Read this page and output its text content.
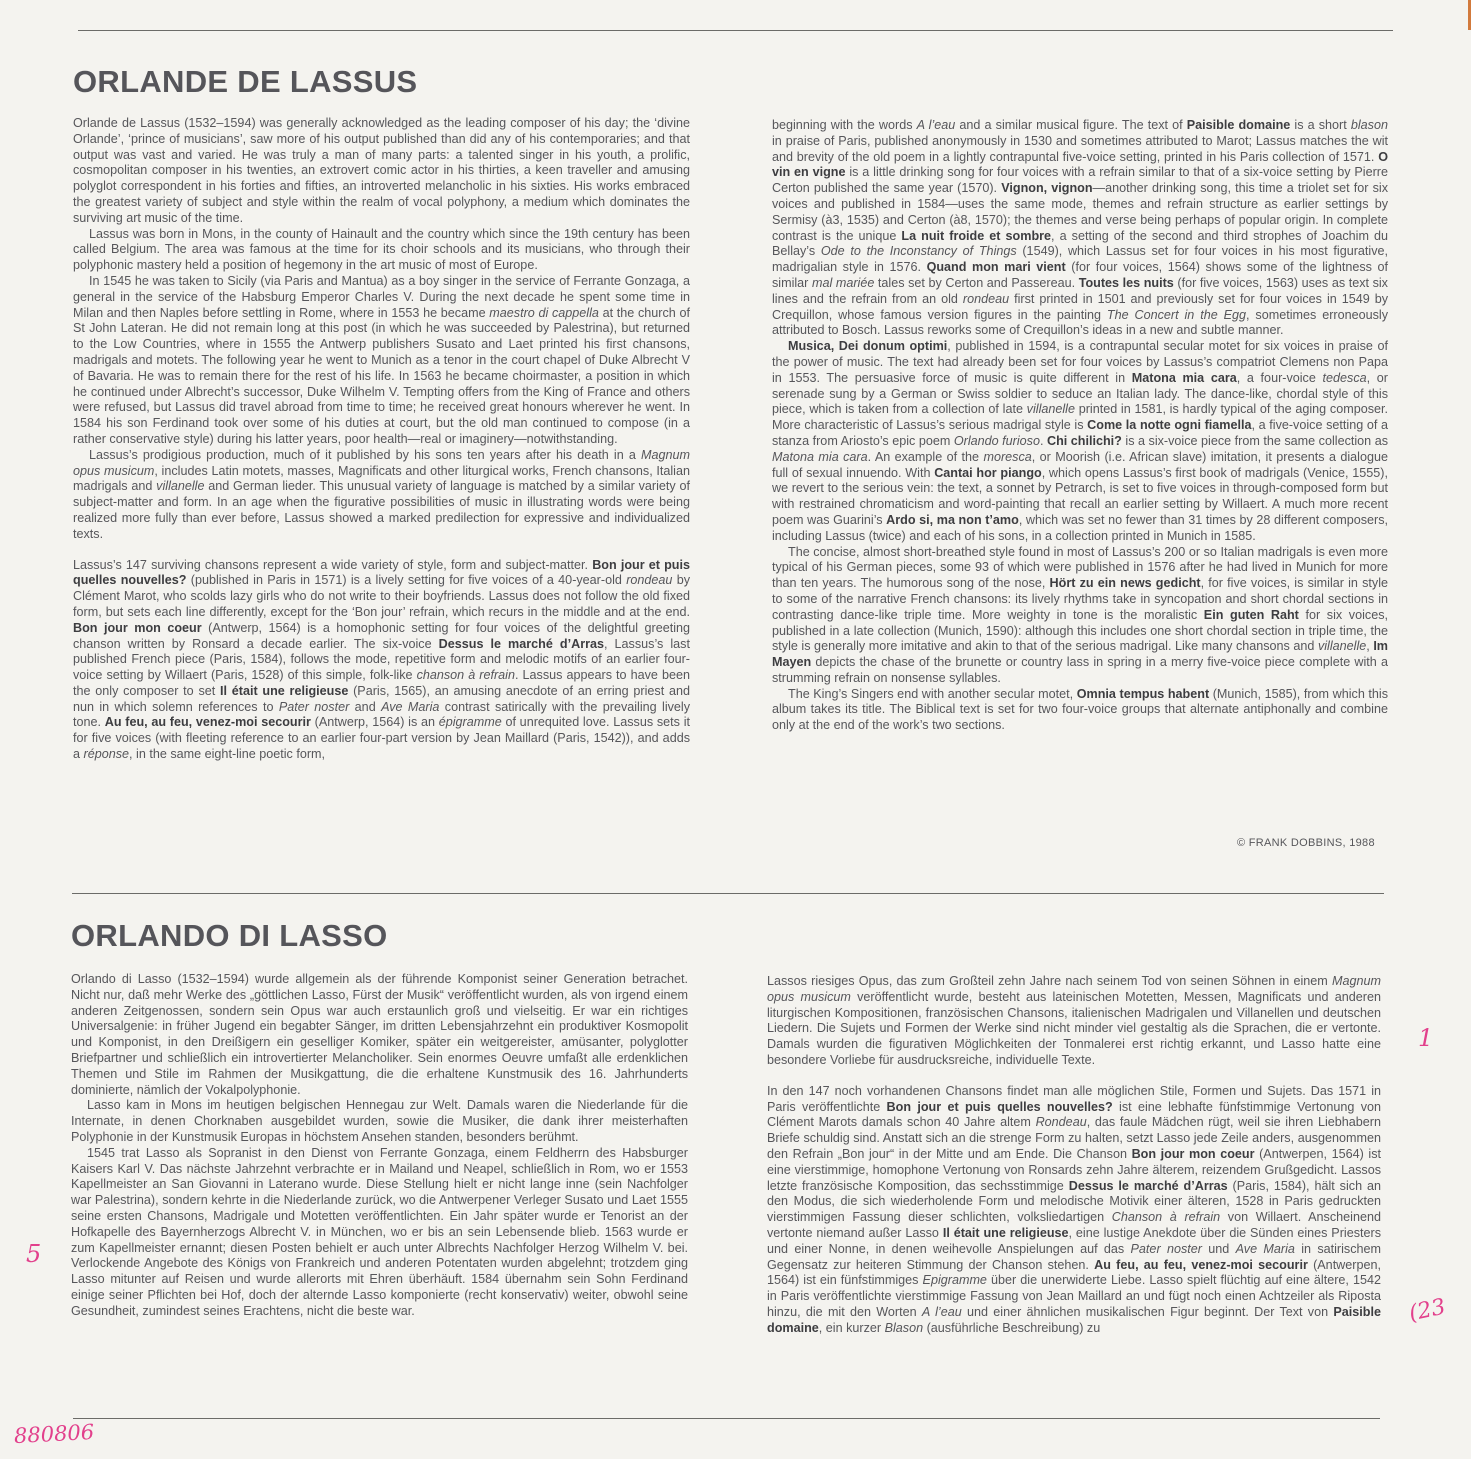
ORLANDE DE LASSUS

Orlande de Lassus (1532–1594) was generally acknowledged as the leading composer of his day; the ‘divine Orlande’, ‘prince of musicians’, saw more of his output published than did any of his contemporaries; and that output was vast and varied. He was truly a man of many parts: a talented singer in his youth, a prolific, cosmopolitan composer in his twenties, an extrovert comic actor in his thirties, a keen traveller and amusing polyglot correspondent in his forties and fifties, an introverted melancholic in his sixties. His works embraced the greatest variety of subject and style within the realm of vocal polyphony, a medium which dominates the surviving art music of the time.

Lassus was born in Mons, in the county of Hainault and the country which since the 19th century has been called Belgium. The area was famous at the time for its choir schools and its musicians, who through their polyphonic mastery held a position of hegemony in the art music of most of Europe.

In 1545 he was taken to Sicily (via Paris and Mantua) as a boy singer in the service of Ferrante Gonzaga, a general in the service of the Habsburg Emperor Charles V. During the next decade he spent some time in Milan and then Naples before settling in Rome, where in 1553 he became maestro di cappella at the church of St John Lateran. He did not remain long at this post (in which he was succeeded by Palestrina), but returned to the Low Countries, where in 1555 the Antwerp publishers Susato and Laet printed his first chansons, madrigals and motets. The following year he went to Munich as a tenor in the court chapel of Duke Albrecht V of Bavaria. He was to remain there for the rest of his life. In 1563 he became choirmaster, a position in which he continued under Albrecht’s successor, Duke Wilhelm V. Tempting offers from the King of France and others were refused, but Lassus did travel abroad from time to time; he received great honours wherever he went. In 1584 his son Ferdinand took over some of his duties at court, but the old man continued to compose (in a rather conservative style) during his latter years, poor health—real or imaginery—notwithstanding.

Lassus’s prodigious production, much of it published by his sons ten years after his death in a Magnum opus musicum, includes Latin motets, masses, Magnificats and other liturgical works, French chansons, Italian madrigals and villanelle and German lieder. This unusual variety of language is matched by a similar variety of subject-matter and form. In an age when the figurative possibilities of music in illustrating words were being realized more fully than ever before, Lassus showed a marked predilection for expressive and individualized texts.

Lassus’s 147 surviving chansons represent a wide variety of style, form and subject-matter. Bon jour et puis quelles nouvelles? (published in Paris in 1571) is a lively setting for five voices of a 40-year-old rondeau by Clément Marot, who scolds lazy girls who do not write to their boyfriends. Lassus does not follow the old fixed form, but sets each line differently, except for the ‘Bon jour’ refrain, which recurs in the middle and at the end. Bon jour mon coeur (Antwerp, 1564) is a homophonic setting for four voices of the delightful greeting chanson written by Ronsard a decade earlier. The six-voice Dessus le marché d’Arras, Lassus’s last published French piece (Paris, 1584), follows the mode, repetitive form and melodic motifs of an earlier four-voice setting by Willaert (Paris, 1528) of this simple, folk-like chanson à refrain. Lassus appears to have been the only composer to set Il était une religieuse (Paris, 1565), an amusing anecdote of an erring priest and nun in which solemn references to Pater noster and Ave Maria contrast satirically with the prevailing lively tone. Au feu, au feu, venez-moi secourir (Antwerp, 1564) is an épigramme of unrequited love. Lassus sets it for five voices (with fleeting reference to an earlier four-part version by Jean Maillard (Paris, 1542)), and adds a réponse, in the same eight-line poetic form,

beginning with the words A l’eau and a similar musical figure. The text of Paisible domaine is a short blason in praise of Paris, published anonymously in 1530 and sometimes attributed to Marot; Lassus matches the wit and brevity of the old poem in a lightly contrapuntal five-voice setting, printed in his Paris collection of 1571. O vin en vigne is a little drinking song for four voices with a refrain similar to that of a six-voice setting by Pierre Certon published the same year (1570). Vignon, vignon—another drinking song, this time a triolet set for six voices and published in 1584—uses the same mode, themes and refrain structure as earlier settings by Sermisy (à3, 1535) and Certon (à8, 1570); the themes and verse being perhaps of popular origin. In complete contrast is the unique La nuit froide et sombre, a setting of the second and third strophes of Joachim du Bellay’s Ode to the Inconstancy of Things (1549), which Lassus set for four voices in his most figurative, madrigalian style in 1576. Quand mon mari vient (for four voices, 1564) shows some of the lightness of similar mal mariée tales set by Certon and Passereau. Toutes les nuits (for five voices, 1563) uses as text six lines and the refrain from an old rondeau first printed in 1501 and previously set for four voices in 1549 by Crequillon, whose famous version figures in the painting The Concert in the Egg, sometimes erroneously attributed to Bosch. Lassus reworks some of Crequillon’s ideas in a new and subtle manner.

Musica, Dei donum optimi, published in 1594, is a contrapuntal secular motet for six voices in praise of the power of music. The text had already been set for four voices by Lassus’s compatriot Clemens non Papa in 1553. The persuasive force of music is quite different in Matona mia cara, a four-voice tedesca, or serenade sung by a German or Swiss soldier to seduce an Italian lady. The dance-like, chordal style of this piece, which is taken from a collection of late villanelle printed in 1581, is hardly typical of the aging composer. More characteristic of Lassus’s serious madrigal style is Come la notte ogni fiamella, a five-voice setting of a stanza from Ariosto’s epic poem Orlando furioso. Chi chilichi? is a six-voice piece from the same collection as Matona mia cara. An example of the moresca, or Moorish (i.e. African slave) imitation, it presents a dialogue full of sexual innuendo. With Cantai hor piango, which opens Lassus’s first book of madrigals (Venice, 1555), we revert to the serious vein: the text, a sonnet by Petrarch, is set to five voices in through-composed form but with restrained chromaticism and word-painting that recall an earlier setting by Willaert. A much more recent poem was Guarini’s Ardo si, ma non t’amo, which was set no fewer than 31 times by 28 different composers, including Lassus (twice) and each of his sons, in a collection printed in Munich in 1585.

The concise, almost short-breathed style found in most of Lassus’s 200 or so Italian madrigals is even more typical of his German pieces, some 93 of which were published in 1576 after he had lived in Munich for more than ten years. The humorous song of the nose, Hört zu ein news gedicht, for five voices, is similar in style to some of the narrative French chansons: its lively rhythms take in syncopation and short chordal sections in contrasting dance-like triple time. More weighty in tone is the moralistic Ein guten Raht for six voices, published in a late collection (Munich, 1590): although this includes one short chordal section in triple time, the style is generally more imitative and akin to that of the serious madrigal. Like many chansons and villanelle, Im Mayen depicts the chase of the brunette or country lass in spring in a merry five-voice piece complete with a strumming refrain on nonsense syllables.

The King’s Singers end with another secular motet, Omnia tempus habent (Munich, 1585), from which this album takes its title. The Biblical text is set for two four-voice groups that alternate antiphonally and combine only at the end of the work’s two sections.

© FRANK DOBBINS, 1988
ORLANDO DI LASSO

Orlando di Lasso (1532–1594) wurde allgemein als der führende Komponist seiner Generation betrachet. Nicht nur, daß mehr Werke des „göttlichen Lasso, Fürst der Musik“ veröffentlicht wurden, als von irgend einem anderen Zeitgenossen, sondern sein Opus war auch erstaunlich groß und vielseitig. Er war ein richtiges Universalgenie: in früher Jugend ein begabter Sänger, im dritten Lebensjahrzehnt ein produktiver Kosmopolit und Komponist, in den Dreißigern ein geselliger Komiker, später ein weitgereister, amüsanter, polyglotter Briefpartner und schließlich ein introvertierter Melancholiker. Sein enormes Oeuvre umfaßt alle erdenklichen Themen und Stile im Rahmen der Musikgattung, die die erhaltene Kunstmusik des 16. Jahrhunderts dominierte, nämlich der Vokalpolyphonie.

Lasso kam in Mons im heutigen belgischen Hennegau zur Welt. Damals waren die Niederlande für die Internate, in denen Chorknaben ausgebildet wurden, sowie die Musiker, die dank ihrer meisterhaften Polyphonie in der Kunstmusik Europas in höchstem Ansehen standen, besonders berühmt.

1545 trat Lasso als Sopranist in den Dienst von Ferrante Gonzaga, einem Feldherrn des Habsburger Kaisers Karl V. Das nächste Jahrzehnt verbrachte er in Mailand und Neapel, schließlich in Rom, wo er 1553 Kapellmeister an San Giovanni in Laterano wurde. Diese Stellung hielt er nicht lange inne (sein Nachfolger war Palestrina), sondern kehrte in die Niederlande zurück, wo die Antwerpener Verleger Susato und Laet 1555 seine ersten Chansons, Madrigale und Motetten veröffentlichten. Ein Jahr später wurde er Tenorist an der Hofkapelle des Bayernherzogs Albrecht V. in München, wo er bis an sein Lebensende blieb. 1563 wurde er zum Kapellmeister ernannt; diesen Posten behielt er auch unter Albrechts Nachfolger Herzog Wilhelm V. bei. Verlockende Angebote des Königs von Frankreich und anderen Potentaten wurden abgelehnt; trotzdem ging Lasso mitunter auf Reisen und wurde allerorts mit Ehren überhäuft. 1584 übernahm sein Sohn Ferdinand einige seiner Pflichten bei Hof, doch der alternde Lasso komponierte (recht konservativ) weiter, obwohl seine Gesundheit, zumindest seines Erachtens, nicht die beste war.

Lassos riesiges Opus, das zum Großteil zehn Jahre nach seinem Tod von seinen Söhnen in einem Magnum opus musicum veröffentlicht wurde, besteht aus lateinischen Motetten, Messen, Magnificats und anderen liturgischen Kompositionen, französischen Chansons, italienischen Madrigalen und Villanellen und deutschen Liedern. Die Sujets und Formen der Werke sind nicht minder viel gestaltig als die Sprachen, die er vertonte. Damals wurden die figurativen Möglichkeiten der Tonmalerei erst richtig erkannt, und Lasso hatte eine besondere Vorliebe für ausdrucksreiche, individuelle Texte.

In den 147 noch vorhandenen Chansons findet man alle möglichen Stile, Formen und Sujets. Das 1571 in Paris veröffentlichte Bon jour et puis quelles nouvelles? ist eine lebhafte fünfstimmige Vertonung von Clément Marots damals schon 40 Jahre altem Rondeau, das faule Mädchen rügt, weil sie ihren Liebhabern Briefe schuldig sind. Anstatt sich an die strenge Form zu halten, setzt Lasso jede Zeile anders, ausgenommen den Refrain „Bon jour“ in der Mitte und am Ende. Die Chanson Bon jour mon coeur (Antwerpen, 1564) ist eine vierstimmige, homophone Vertonung von Ronsards zehn Jahre älterem, reizendem Grußgedicht. Lassos letzte französische Komposition, das sechsstimmige Dessus le marché d’Arras (Paris, 1584), hält sich an den Modus, die sich wiederholende Form und melodische Motivik einer älteren, 1528 in Paris gedruckten vierstimmigen Fassung dieser schlichten, volksliedartigen Chanson à refrain von Willaert. Anscheinend vertonte niemand außer Lasso Il était une religieuse, eine lustige Anekdote über die Sünden eines Priesters und einer Nonne, in denen weihevolle Anspielungen auf das Pater noster und Ave Maria in satirischem Gegensatz zur heiteren Stimmung der Chanson stehen. Au feu, au feu, venez-moi secourir (Antwerpen, 1564) ist ein fünfstimmiges Epigramme über die unerwiderte Liebe. Lasso spielt flüchtig auf eine ältere, 1542 in Paris veröffentlichte vierstimmige Fassung von Jean Maillard an und fügt noch einen Achtzeiler als Riposta hinzu, die mit den Worten A l’eau und einer ähnlichen musikalischen Figur beginnt. Der Text von Paisible domaine, ein kurzer Blason (ausführliche Beschreibung) zu

880806
1
5
(23
